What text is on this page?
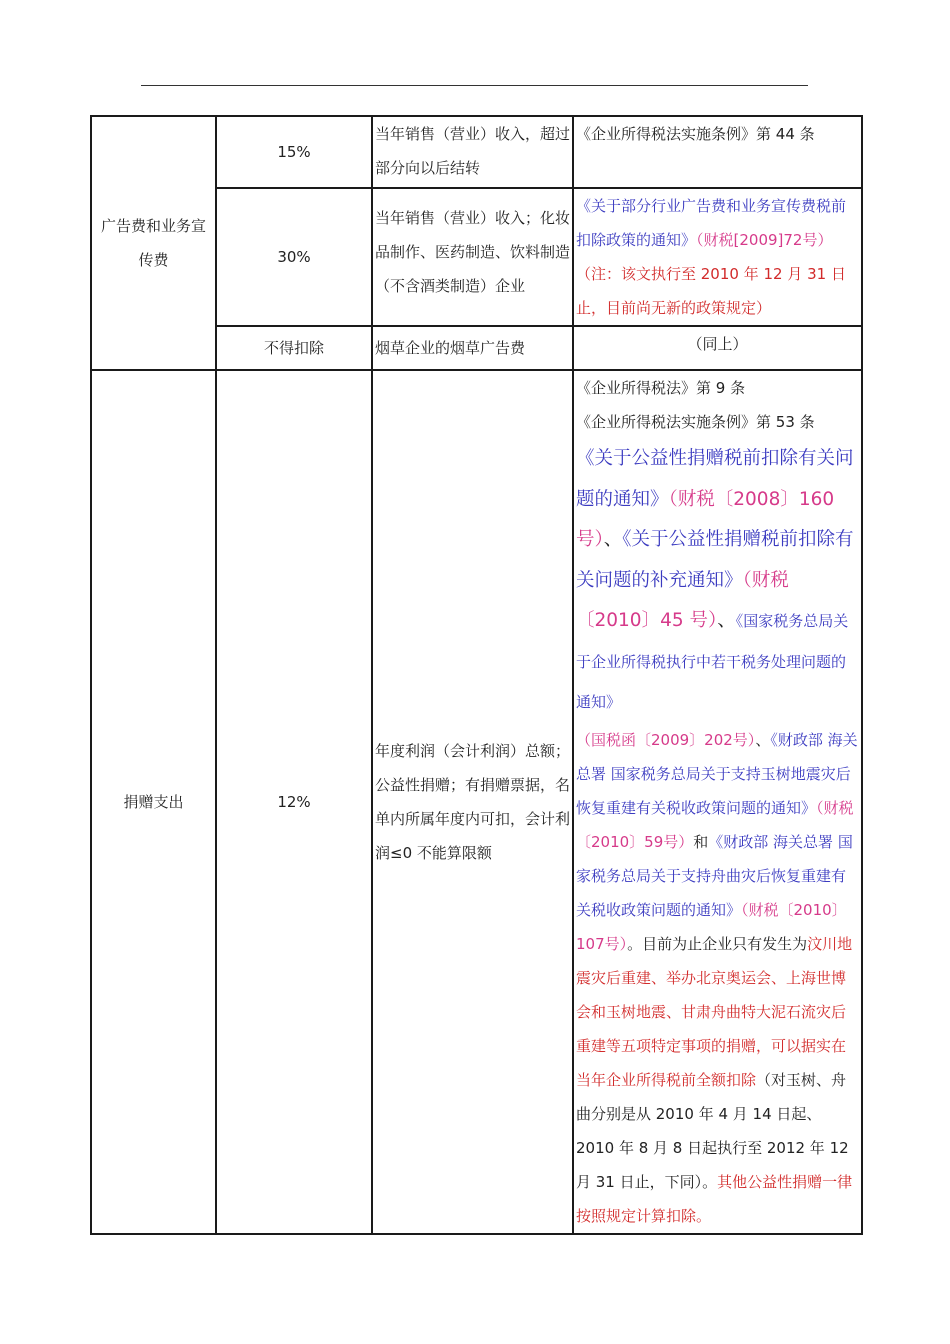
广告费和业务宣传费	15%	当年销售（营业）收入，超过部分向以后结转	《企业所得税法实施条例》第 44 条
	30%	当年销售（营业）收入；化妆品制作、医药制造、饮料制造（不含酒类制造）企业	《关于部分行业广告费和业务宣传费税前扣除政策的通知》（财税[2009]72号）（注：该文执行至 2010 年 12 月 31 日止，目前尚无新的政策规定）
	不得扣除	烟草企业的烟草广告费	（同上）
捐赠支出	12%	年度利润（会计利润）总额；公益性捐赠；有捐赠票据，名单内所属年度内可扣，会计利润≤0 不能算限额	《企业所得税法》第 9 条
《企业所得税法实施条例》第 53 条
《关于公益性捐赠税前扣除有关问题的通知》（财税〔2008〕160号）、《关于公益性捐赠税前扣除有关问题的补充通知》（财税〔2010〕45 号）、《国家税务总局关于企业所得税执行中若干税务处理问题的通知》
（国税函〔2009〕202号）、《财政部 海关总署 国家税务总局关于支持玉树地震灾后恢复重建有关税收政策问题的通知》（财税〔2010〕59号）和《财政部 海关总署 国家税务总局关于支持舟曲灾后恢复重建有关税收政策问题的通知》（财税〔2010〕107号）。目前为止企业只有发生为汶川地震灾后重建、举办北京奥运会、上海世博会和玉树地震、甘肃舟曲特大泥石流灾后重建等五项特定事项的捐赠，可以据实在当年企业所得税前全额扣除（对玉树、舟曲分别是从 2010 年 4 月 14 日起、2010 年 8 月 8 日起执行至 2012 年 12 月 31 日止，下同）。其他公益性捐赠一律按照规定计算扣除。
